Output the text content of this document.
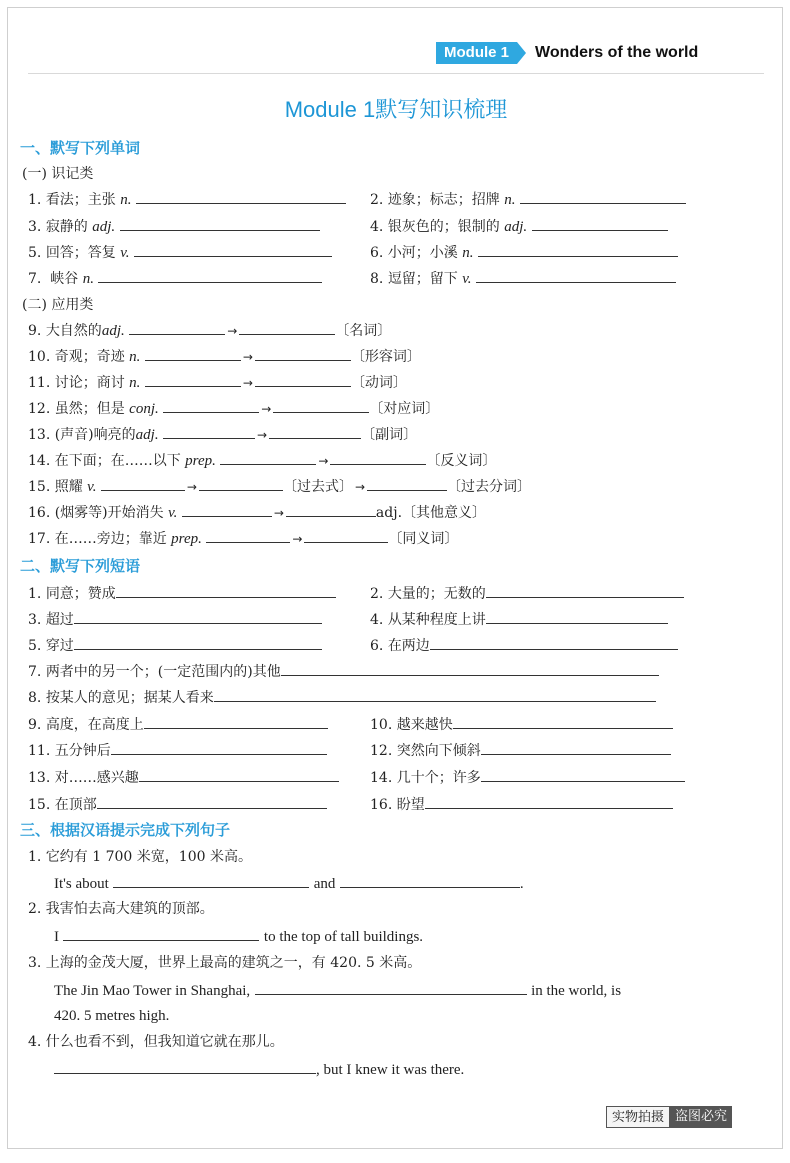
Module 1	Wonders of the world
Module 1默写知识梳理
一、默写下列单词
(一) 识记类
1. 看法；主张 n.	2. 迹象；标志；招牌 n.
3. 寂静的 adj.	4. 银灰色的；银制的 adj.
5. 回答；答复 v.	6. 小河；小溪 n.
7. 峡谷 n.	8. 逗留；留下 v.
(二) 应用类
9. 大自然的adj.	→	〔名词〕
10. 奇观；奇迹 n.	→	〔形容词〕
11. 讨论；商讨 n.	→	〔动词〕
12. 虽然；但是 conj.	→	〔对应词〕
13. (声音)响亮的adj.	→	〔副词〕
14. 在下面；在……以下 prep.	→	〔反义词〕
15. 照耀 v.	→	〔过去式〕 →	〔过去分词〕
16. (烟雾等)开始消失 v.	→	adj.〔其他意义〕
17. 在……旁边；靠近 prep.	→	〔同义词〕
二、默写下列短语
1. 同意；赞成	2. 大量的；无数的
3. 超过	4. 从某种程度上讲
5. 穿过	6. 在两边
7. 两者中的另一个；(一定范围内的)其他
8. 按某人的意见；据某人看来
9. 高度，在高度上	10. 越来越快
11. 五分钟后	12. 突然向下倾斜
13. 对……感兴趣	14. 几十个；许多
15. 在顶部	16. 盼望
三、根据汉语提示完成下列句子
1. 它约有 1 700 米宽，100 米高。
It's about	and	.
2. 我害怕去高大建筑的顶部。
I	to the top of tall buildings.
3. 上海的金茂大厦，世界上最高的建筑之一，有 420. 5 米高。
The Jin Mao Tower in Shanghai,	in the world, is
420. 5 metres high.
4. 什么也看不到，但我知道它就在那儿。
, but I knew it was there.
实物拍摄 盗图必究
